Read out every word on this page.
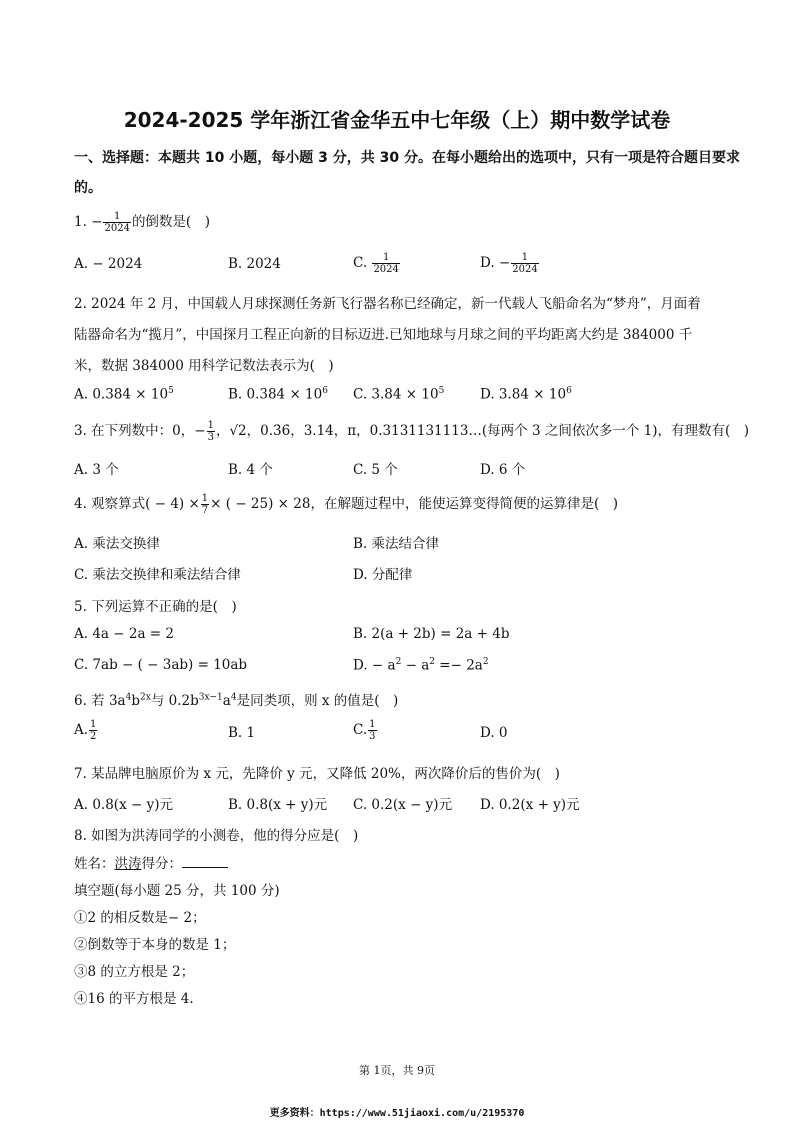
2024-2025 学年浙江省金华五中七年级（上）期中数学试卷
一、选择题：本题共 10 小题，每小题 3 分，共 30 分。在每小题给出的选项中，只有一项是符合题目要求
的。
1. − $\frac{1}{2024}$ 的倒数是(　)
A. − 2024	B. 2024	C. $\frac{1}{2024}$	D. − $\frac{1}{2024}$
2. 2024 年 2 月，中国载人月球探测任务新飞行器名称已经确定，新一代载人飞船命名为“梦舟”，月面着
陆器命名为“揽月”，中国探月工程正向新的目标迈进.已知地球与月球之间的平均距离大约是 384000 千
米，数据 384000 用科学记数法表示为(　)
A. $0.384 \times 10^5$	B. $0.384 \times 10^6$ C. $3.84 \times 10^5$	D. $3.84 \times 10^6$
3. 在下列数中：0，− $\frac{1}{3}$ ，√2，0.3̇6̇，3.14，π，0.3131131113…(每两个 3 之间依次多一个 1)，有理数有(　)
A. 3 个	B. 4 个	C. 5 个	D. 6 个
4. 观察算式( − $4) \times \frac{1}{7}$ × ( − 25) × 28，在解题过程中，能使运算变得简便的运算律是(　)
A. 乘法交换律	B. 乘法结合律
C. 乘法交换律和乘法结合律	D. 分配律
5. 下列运算不正确的是(　)
A. 4a − 2a = 2	B. 2(a + 2b) = 2a + 4b
C. 7ab − ( − 3ab) = 10ab	D. − $a^2 - a^2 =- 2a^2$
6. 若 $3a^4b^{2x}$与 $0.2b^{3x-1}a^4$是同类项，则 x 的值是(　)
A. $\frac{1}{2}$	B. 1	C. $\frac{1}{3}$	D. 0
7. 某品牌电脑原价为 x 元，先降价 y 元，又降低 20%，两次降价后的售价为(　)
A. 0.8(x − y)元	B. 0.8(x + y)元 C. 0.2(x − y)元 D. 0.2(x + y)元
8. 如图为洪涛同学的小测卷，他的得分应是(　)
姓名：洪涛得分：
填空题(每小题 25 分，共 100 分)
①2 的相反数是− 2；
②倒数等于本身的数是 1；
③8 的立方根是 2；
④16 的平方根是 4.
第 1页，共 9页
更多资料：https://www.51jiaoxi.com/u/2195370
